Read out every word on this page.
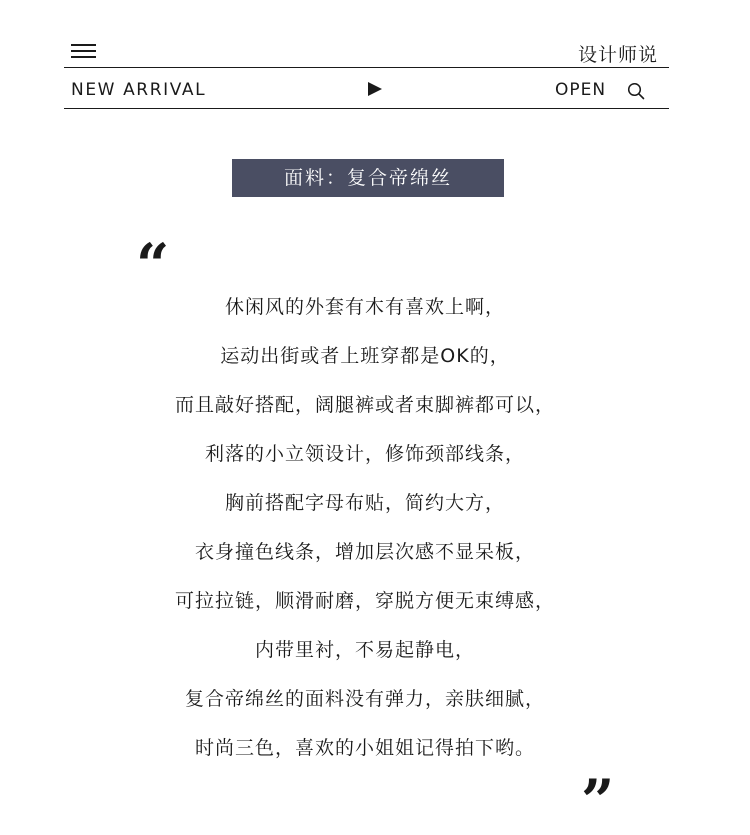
设计师说
NEW ARRIVAL	OPEN
面料：复合帝绵丝
“
”
休闲风的外套有木有喜欢上啊，
运动出街或者上班穿都是OK的，
而且敲好搭配，阔腿裤或者束脚裤都可以，
利落的小立领设计，修饰颈部线条，
胸前搭配字母布贴，简约大方，
衣身撞色线条，增加层次感不显呆板，
可拉拉链，顺滑耐磨，穿脱方便无束缚感，
内带里衬，不易起静电，
复合帝绵丝的面料没有弹力，亲肤细腻，
时尚三色，喜欢的小姐姐记得拍下哟。
